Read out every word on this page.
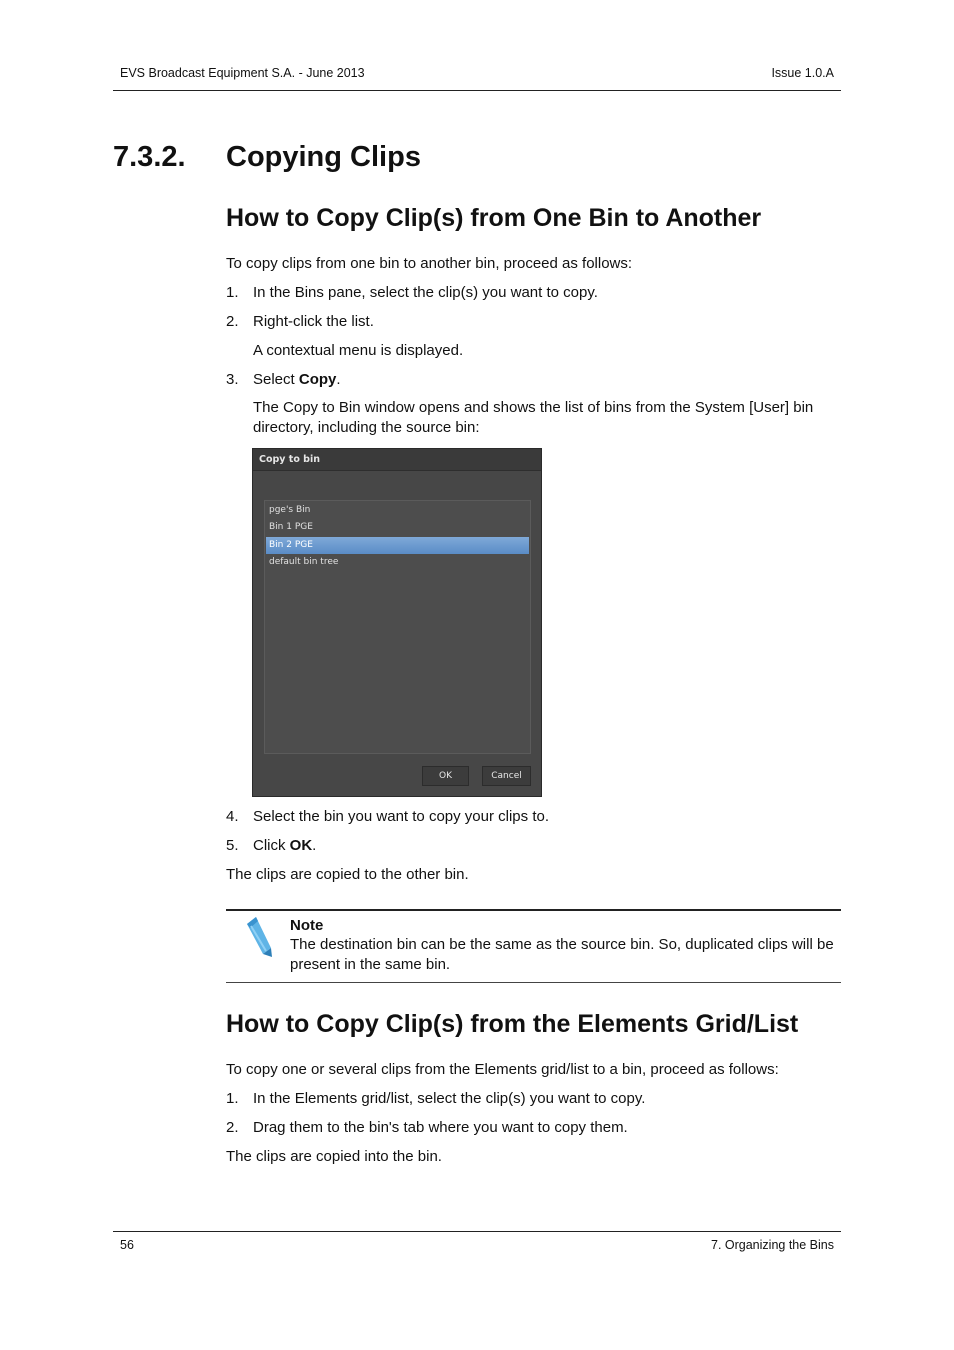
EVS Broadcast Equipment S.A. - June 2013	Issue 1.0.A
7.3.2. Copying Clips
How to Copy Clip(s) from One Bin to Another
To copy clips from one bin to another bin, proceed as follows:
1. In the Bins pane, select the clip(s) you want to copy.
2. Right-click the list.
A contextual menu is displayed.
3. Select Copy.
The Copy to Bin window opens and shows the list of bins from the System [User] bin directory, including the source bin:
Copy to bin
pge's Bin
Bin 1 PGE
Bin 2 PGE
default bin tree
OK	Cancel
4. Select the bin you want to copy your clips to.
5. Click OK.
The clips are copied to the other bin.
Note
The destination bin can be the same as the source bin. So, duplicated clips will be present in the same bin.
How to Copy Clip(s) from the Elements Grid/List
To copy one or several clips from the Elements grid/list to a bin, proceed as follows:
1. In the Elements grid/list, select the clip(s) you want to copy.
2. Drag them to the bin's tab where you want to copy them.
The clips are copied into the bin.
56	7. Organizing the Bins
